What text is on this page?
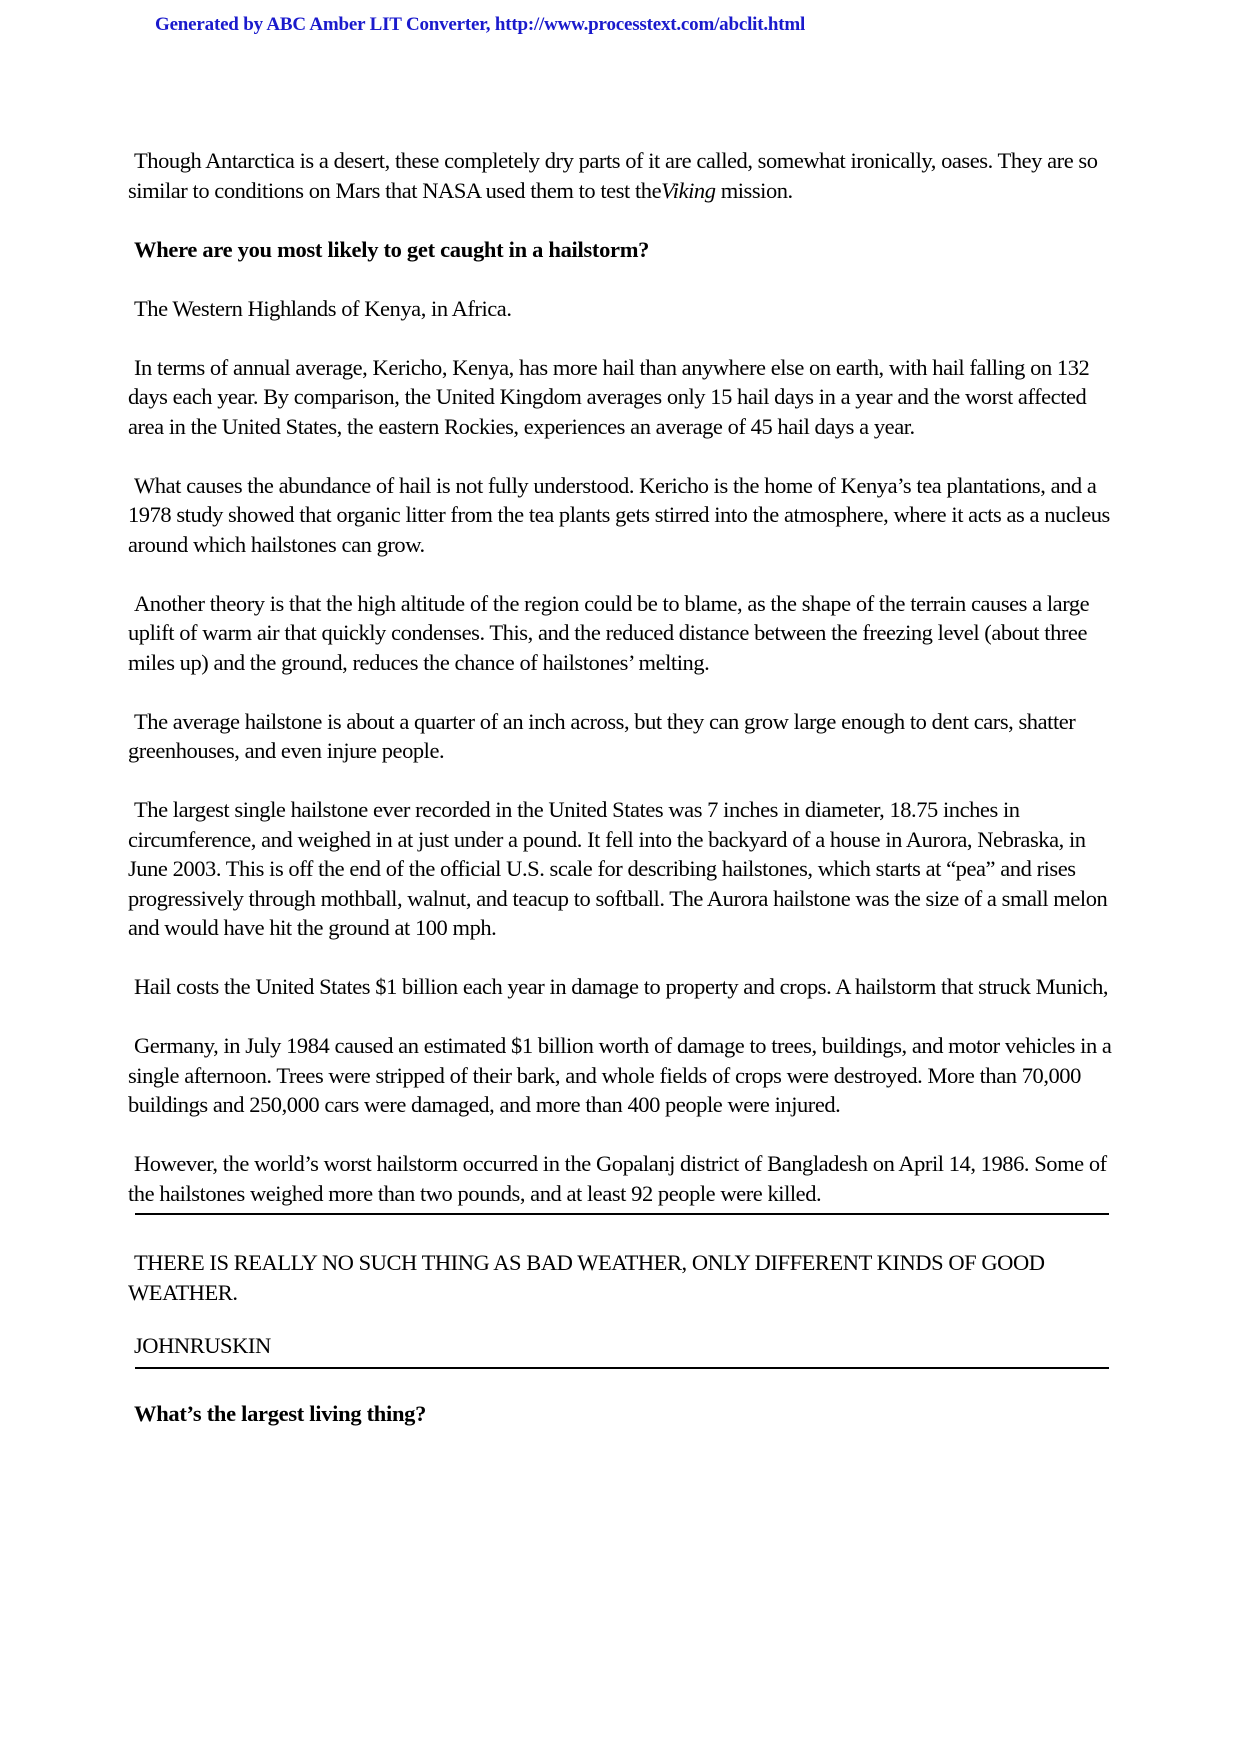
Generated by ABC Amber LIT Converter, http://www.processtext.com/abclit.html

Though Antarctica is a desert, these completely dry parts of it are called, somewhat ironically, oases. They are so similar to conditions on Mars that NASA used them to test theViking mission.

Where are you most likely to get caught in a hailstorm?

The Western Highlands of Kenya, in Africa.

In terms of annual average, Kericho, Kenya, has more hail than anywhere else on earth, with hail falling on 132 days each year. By comparison, the United Kingdom averages only 15 hail days in a year and the worst affected area in the United States, the eastern Rockies, experiences an average of 45 hail days a year.

What causes the abundance of hail is not fully understood. Kericho is the home of Kenya’s tea plantations, and a 1978 study showed that organic litter from the tea plants gets stirred into the atmosphere, where it acts as a nucleus around which hailstones can grow.

Another theory is that the high altitude of the region could be to blame, as the shape of the terrain causes a large uplift of warm air that quickly condenses. This, and the reduced distance between the freezing level (about three miles up) and the ground, reduces the chance of hailstones’ melting.

The average hailstone is about a quarter of an inch across, but they can grow large enough to dent cars, shatter greenhouses, and even injure people.

The largest single hailstone ever recorded in the United States was 7 inches in diameter, 18.75 inches in circumference, and weighed in at just under a pound. It fell into the backyard of a house in Aurora, Nebraska, in June 2003. This is off the end of the official U.S. scale for describing hailstones, which starts at “pea” and rises progressively through mothball, walnut, and teacup to softball. The Aurora hailstone was the size of a small melon and would have hit the ground at 100 mph.

Hail costs the United States $1 billion each year in damage to property and crops. A hailstorm that struck Munich,

Germany, in July 1984 caused an estimated $1 billion worth of damage to trees, buildings, and motor vehicles in a single afternoon. Trees were stripped of their bark, and whole fields of crops were destroyed. More than 70,000 buildings and 250,000 cars were damaged, and more than 400 people were injured.

However, the world’s worst hailstorm occurred in the Gopalanj district of Bangladesh on April 14, 1986. Some of the hailstones weighed more than two pounds, and at least 92 people were killed.

THERE IS REALLY NO SUCH THING AS BAD WEATHER, ONLY DIFFERENT KINDS OF GOOD WEATHER.

JOHNRUSKIN

What’s the largest living thing?
